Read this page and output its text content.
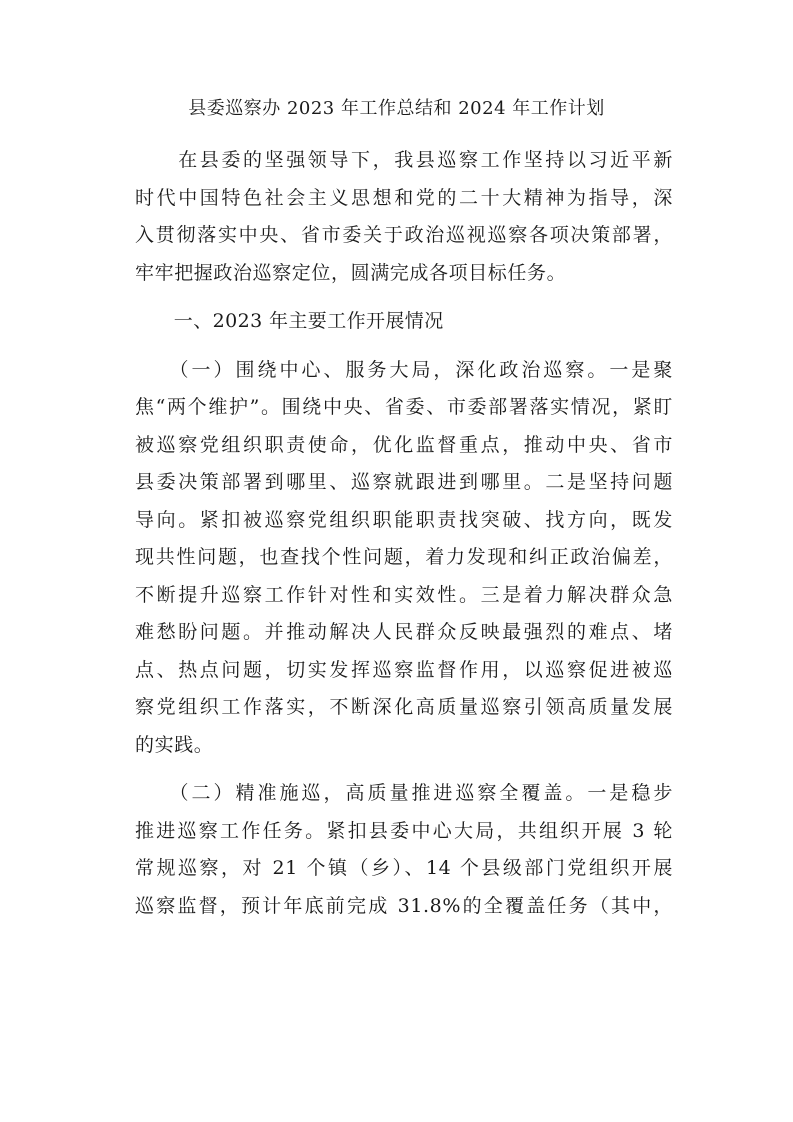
县委巡察办 2023 年工作总结和 2024 年工作计划

　　在县委的坚强领导下，我县巡察工作坚持以习近平新
时代中国特色社会主义思想和党的二十大精神为指导，深
入贯彻落实中央、省市委关于政治巡视巡察各项决策部署，
牢牢把握政治巡察定位，圆满完成各项目标任务。

　　一、2023 年主要工作开展情况

　　（一）围绕中心、服务大局，深化政治巡察。一是聚
焦“两个维护”。围绕中央、省委、市委部署落实情况，紧盯
被巡察党组织职责使命，优化监督重点，推动中央、省市
县委决策部署到哪里、巡察就跟进到哪里。二是坚持问题
导向。紧扣被巡察党组织职能职责找突破、找方向，既发
现共性问题，也查找个性问题，着力发现和纠正政治偏差，
不断提升巡察工作针对性和实效性。三是着力解决群众急
难愁盼问题。并推动解决人民群众反映最强烈的难点、堵
点、热点问题，切实发挥巡察监督作用，以巡察促进被巡
察党组织工作落实，不断深化高质量巡察引领高质量发展
的实践。

　　（二）精准施巡，高质量推进巡察全覆盖。一是稳步
推进巡察工作任务。紧扣县委中心大局，共组织开展 3 轮
常规巡察，对 21 个镇（乡）、14 个县级部门党组织开展
巡察监督，预计年底前完成 31.8%的全覆盖任务（其中，
